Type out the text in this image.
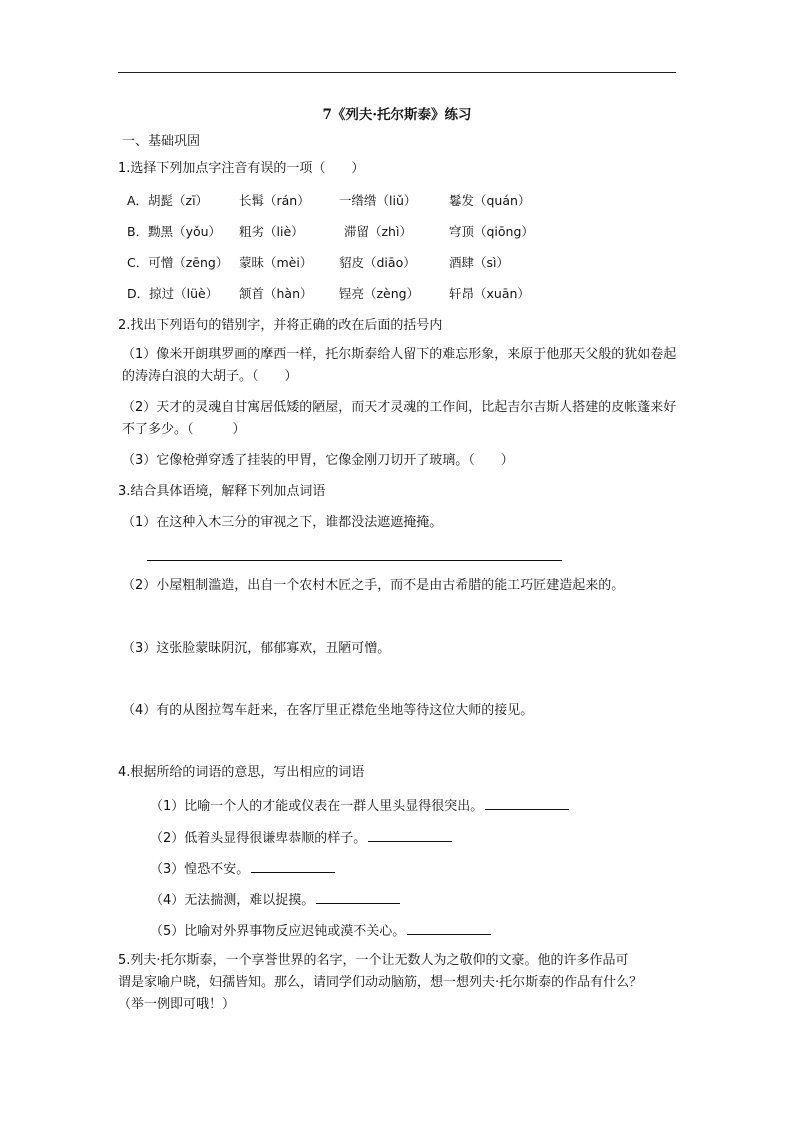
7《列夫·托尔斯泰》练习
一、基础巩固
1.选择下列加点字注音有误的一项（　　）
A．胡髭（zī） 长髯（rán） 一绺绺（liǔ）	鬈发（quán）
B．黝黑（yǒu） 粗劣（liè）	滞留（zhì）	穹顶（qiōng）
C．可憎（zēng） 蒙昧（mèi） 貂皮（diāo）	酒肆（sì）
D．掠过（lüè） 颔首（hàn） 锃亮（zèng） 轩昂（xuān）
2.找出下列语句的错别字，并将正确的改在后面的括号内
（1）像米开朗琪罗画的摩西一样，托尔斯泰给人留下的难忘形象，来原于他那天父般的犹如卷起的涛涛白浪的大胡子。（　　）
（2）天才的灵魂自甘寓居低矮的陋屋，而天才灵魂的工作间，比起吉尔吉斯人搭建的皮帐蓬来好不了多少。（　　　）
（3）它像枪弹穿透了挂装的甲胃，它像金刚刀切开了玻璃。（　　）
3.结合具体语境，解释下列加点词语
（1）在这种入木三分的审视之下，谁都没法遮遮掩掩。
（2）小屋粗制滥造，出自一个农村木匠之手，而不是由古希腊的能工巧匠建造起来的。
（3）这张脸蒙昧阴沉，郁郁寡欢，丑陋可憎。
（4）有的从图拉驾车赶来，在客厅里正襟危坐地等待这位大师的接见。
4.根据所给的词语的意思，写出相应的词语
（1）比喻一个人的才能或仪表在一群人里头显得很突出。
（2）低着头显得很谦卑恭顺的样子。
（3）惶恐不安。
（4）无法揣测，难以捉摸。
（5）比喻对外界事物反应迟钝或漠不关心。
5.列夫·托尔斯泰，一个享誉世界的名字，一个让无数人为之敬仰的文豪。他的许多作品可
谓是家喻户晓，妇孺皆知。那么，请同学们动动脑筋，想一想列夫·托尔斯泰的作品有什么？
（举一例即可哦！）
